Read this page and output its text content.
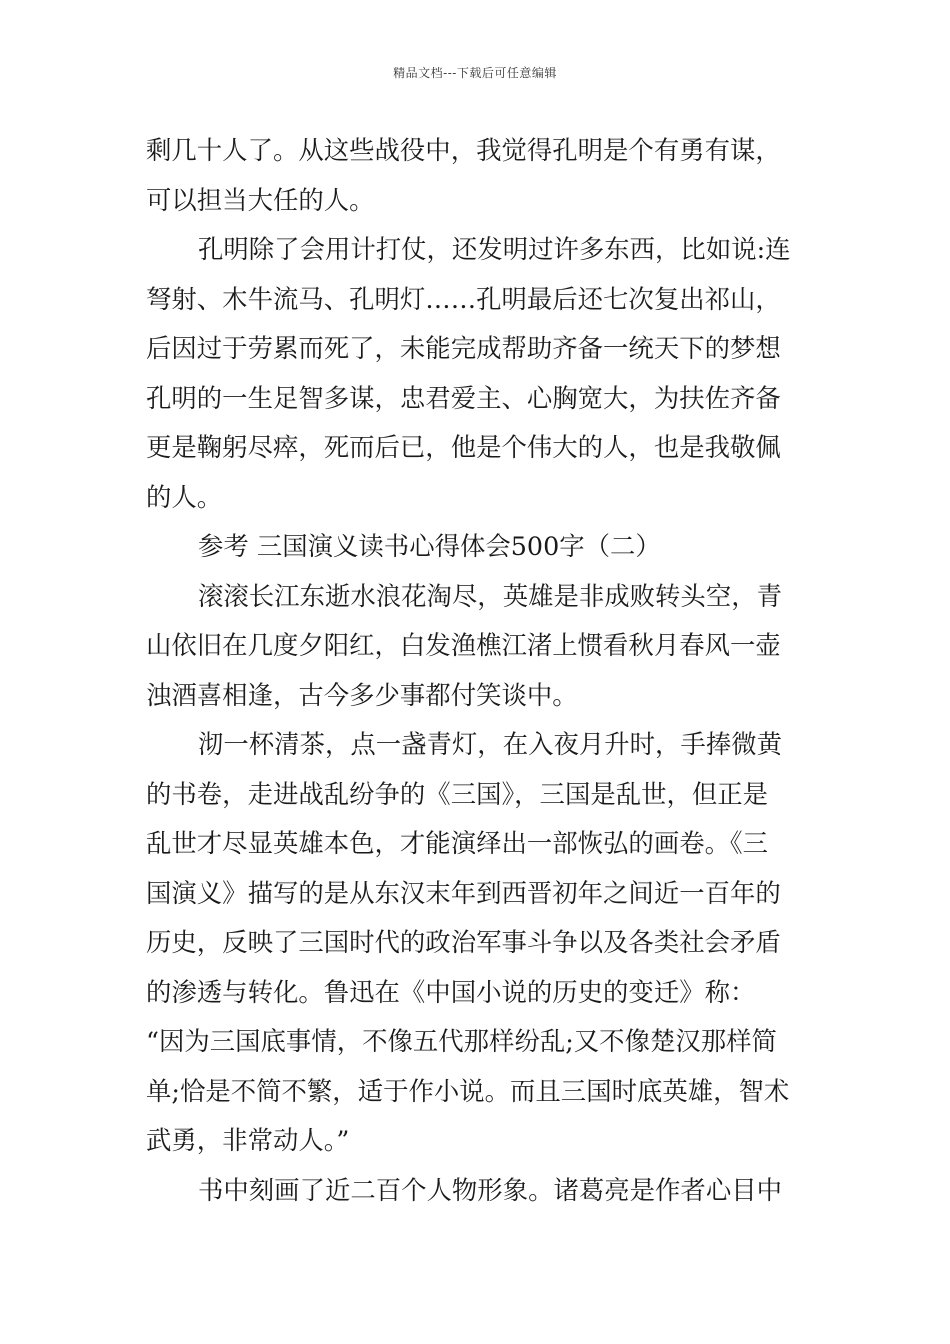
精品文档---下载后可任意编辑
剩几十人了。从这些战役中，我觉得孔明是个有勇有谋，
可以担当大任的人。
孔明除了会用计打仗，还发明过许多东西，比如说:连
弩射、木牛流马、孔明灯……孔明最后还七次复出祁山，
后因过于劳累而死了，未能完成帮助齐备一统天下的梦想
孔明的一生足智多谋，忠君爱主、心胸宽大，为扶佐齐备
更是鞠躬尽瘁，死而后已，他是个伟大的人，也是我敬佩
的人。
参考 三国演义读书心得体会500字（二）
滚滚长江东逝水浪花淘尽，英雄是非成败转头空，青
山依旧在几度夕阳红，白发渔樵江渚上惯看秋月春风一壶
浊酒喜相逢，古今多少事都付笑谈中。
沏一杯清茶，点一盏青灯，在入夜月升时，手捧微黄
的书卷，走进战乱纷争的《三国》，三国是乱世，但正是
乱世才尽显英雄本色，才能演绎出一部恢弘的画卷。《三
国演义》描写的是从东汉末年到西晋初年之间近一百年的
历史，反映了三国时代的政治军事斗争以及各类社会矛盾
的渗透与转化。鲁迅在《中国小说的历史的变迁》称：
“因为三国底事情，不像五代那样纷乱;又不像楚汉那样简
单;恰是不简不繁，适于作小说。而且三国时底英雄，智术
武勇，非常动人。”
书中刻画了近二百个人物形象。诸葛亮是作者心目中
